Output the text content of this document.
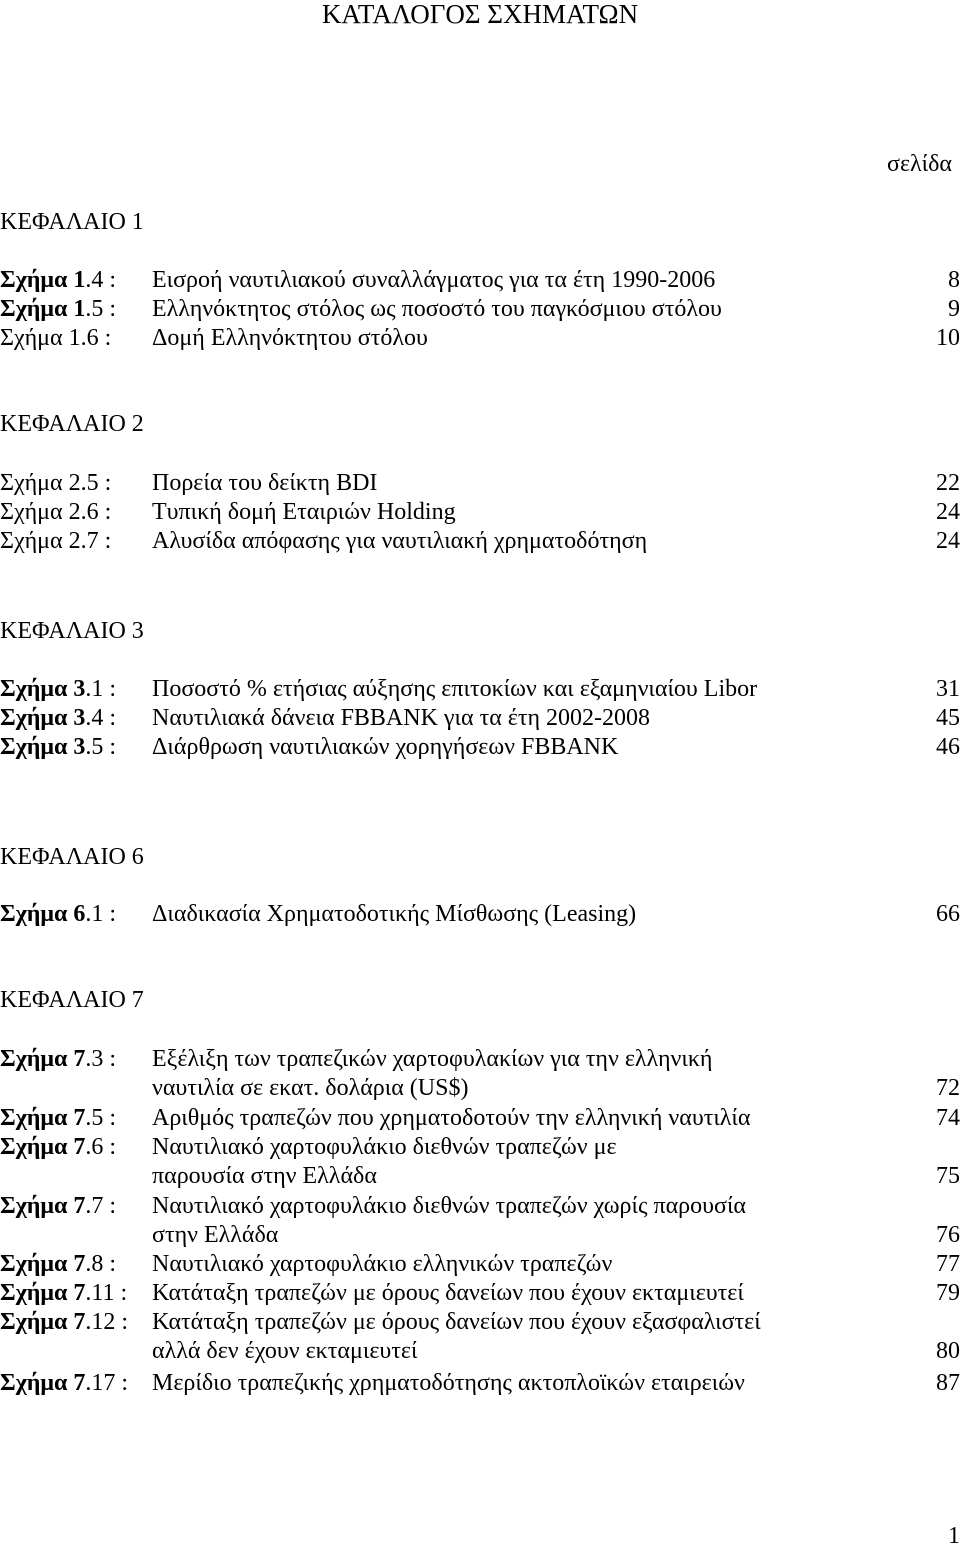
ΚΑΤΑΛΟΓΟΣ ΣΧΗΜΑΤΩΝ
σελίδα
ΚΕΦΑΛΑΙΟ 1
Σχήμα 1.4 : Εισροή ναυτιλιακού συναλλάγματος για τα έτη 1990-2006	8
Σχήμα 1.5 : Ελληνόκτητος στόλος ως ποσοστό του παγκόσμιου στόλου	9
Σχήμα 1.6 : Δομή Ελληνόκτητου στόλου	10
ΚΕΦΑΛΑΙΟ 2
Σχήμα 2.5 : Πορεία του δείκτη BDI	22
Σχήμα 2.6 : Τυπική δομή Εταιριών Holding	24
Σχήμα 2.7 : Αλυσίδα απόφασης για ναυτιλιακή χρηματοδότηση	24
ΚΕΦΑΛΑΙΟ 3
Σχήμα 3.1 : Ποσοστό % ετήσιας αύξησης επιτοκίων και εξαμηνιαίου Libor	31
Σχήμα 3.4 : Ναυτιλιακά δάνεια FBBANK για τα έτη 2002-2008	45
Σχήμα 3.5 : Διάρθρωση ναυτιλιακών χορηγήσεων FBBANK	46
ΚΕΦΑΛΑΙΟ 6
Σχήμα 6.1 : Διαδικασία Χρηματοδοτικής Μίσθωσης (Leasing)	66
ΚΕΦΑΛΑΙΟ 7
Σχήμα 7.3 : Εξέλιξη των τραπεζικών χαρτοφυλακίων για την ελληνική
ναυτιλία σε εκατ. δολάρια (US$)	72
Σχήμα 7.5 : Αριθμός τραπεζών που χρηματοδοτούν την ελληνική ναυτιλία	74
Σχήμα 7.6 : Ναυτιλιακό χαρτοφυλάκιο διεθνών τραπεζών με
παρουσία στην Ελλάδα	75
Σχήμα 7.7 : Ναυτιλιακό χαρτοφυλάκιο διεθνών τραπεζών χωρίς παρουσία
στην Ελλάδα	76
Σχήμα 7.8 : Ναυτιλιακό χαρτοφυλάκιο ελληνικών τραπεζών	77
Σχήμα 7.11 : Κατάταξη τραπεζών με όρους δανείων που έχουν εκταμιευτεί	79
Σχήμα 7.12 : Κατάταξη τραπεζών με όρους δανείων που έχουν εξασφαλιστεί
αλλά δεν έχουν εκταμιευτεί	80
Σχήμα 7.17 : Μερίδιο τραπεζικής χρηματοδότησης ακτοπλοϊκών εταιρειών	87
1
